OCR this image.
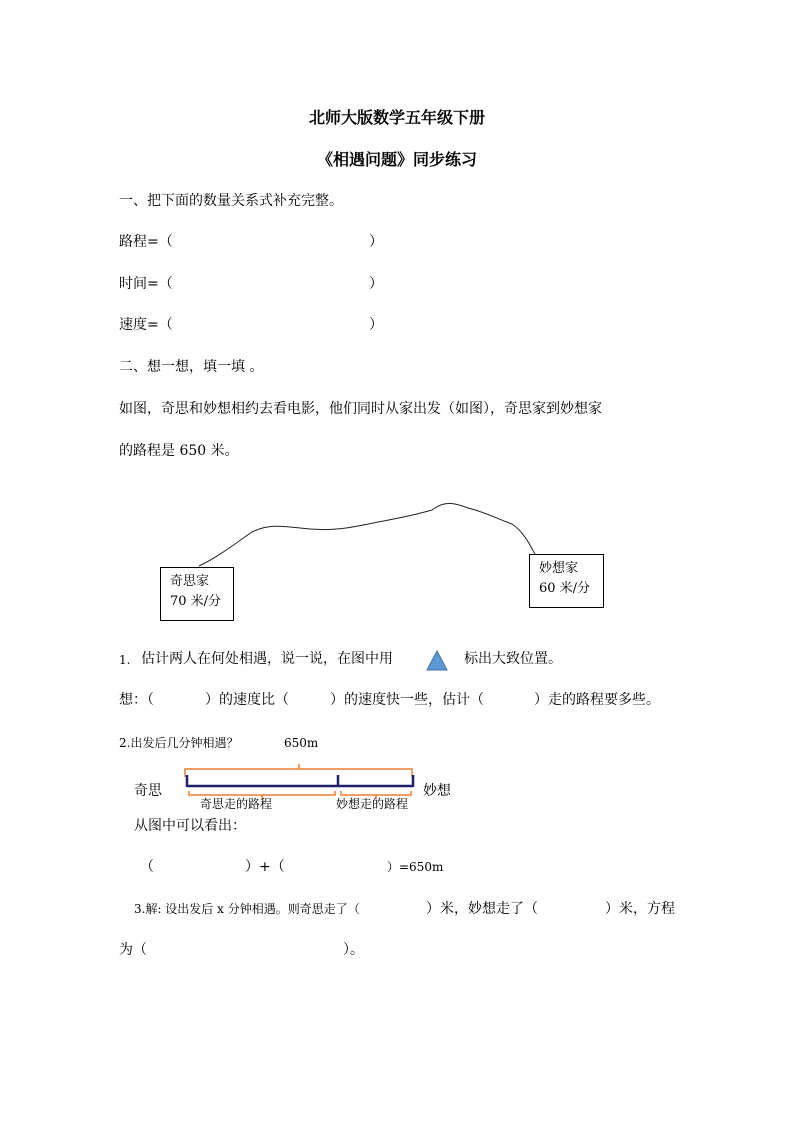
北师大版数学五年级下册
《相遇问题》同步练习
一、把下面的数量关系式补充完整。
路程=（	）
时间=（	）
速度=（	）
二、想一想，填一填 。
如图，奇思和妙想相约去看电影，他们同时从家出发（如图），奇思家到妙想家
的路程是 650 米。
奇思家
70 米/分
妙想家
60 米/分
1. 估计两人在何处相遇，说一说，在图中用	标出大致位置。
想：（	）的速度比（	）的速度快一些，估计（	）走的路程要多些。
2.出发后几分钟相遇？	650m
奇思	妙想
奇思走的路程	妙想走的路程
从图中可以看出：
（	）+（	）=650m
3.解: 设出发后 x 分钟相遇。则奇思走了（	）米，妙想走了（	）米，方程
为（	）。
